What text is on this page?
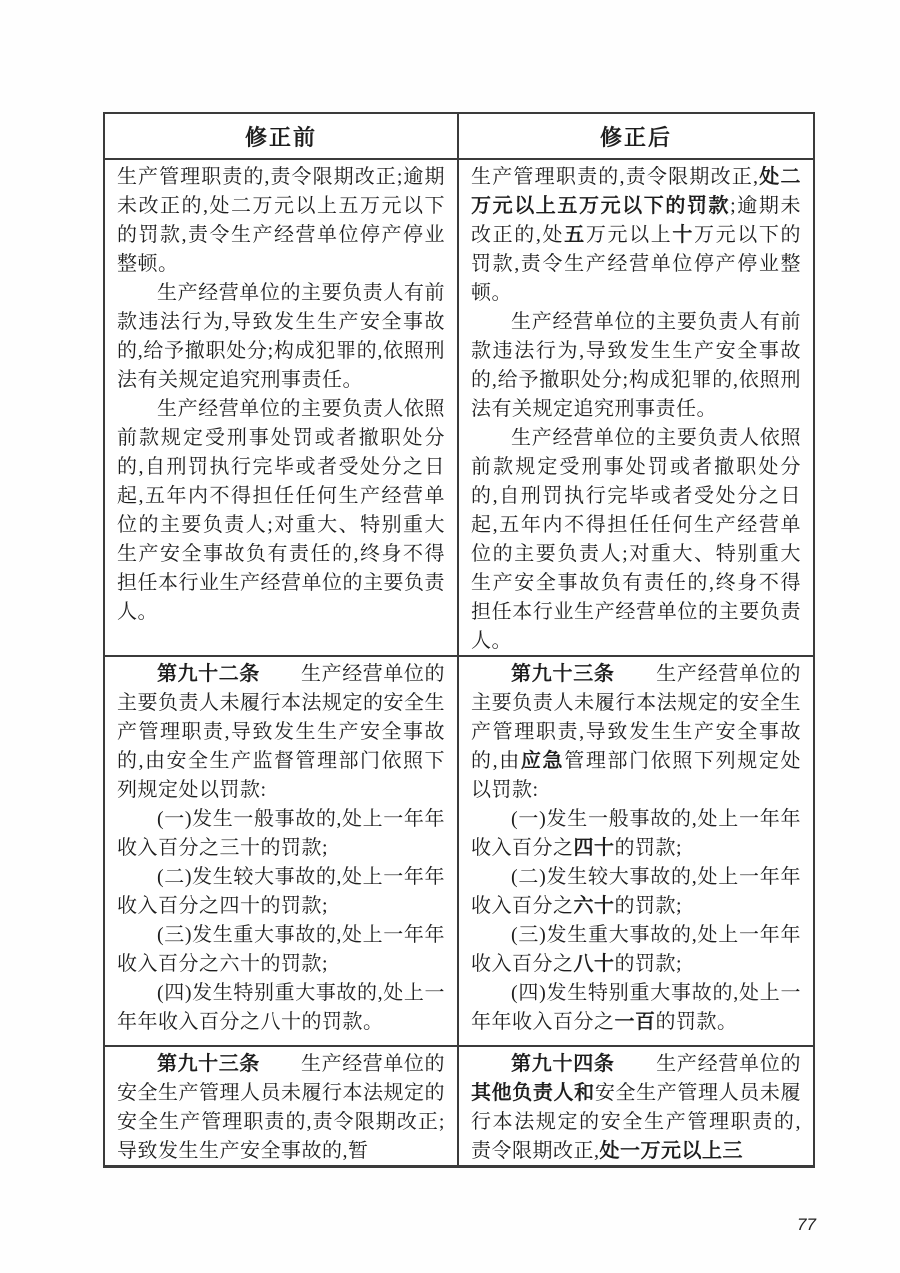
修正前	修正后
生产管理职责的,责令限期改正;逾期未改正的,处二万元以上五万元以下的罚款,责令生产经营单位停产停业整顿。
生产经营单位的主要负责人有前款违法行为,导致发生生产安全事故的,给予撤职处分;构成犯罪的,依照刑法有关规定追究刑事责任。
生产经营单位的主要负责人依照前款规定受刑事处罚或者撤职处分的,自刑罚执行完毕或者受处分之日起,五年内不得担任任何生产经营单位的主要负责人;对重大、特别重大生产安全事故负有责任的,终身不得担任本行业生产经营单位的主要负责人。
生产管理职责的,责令限期改正,处二万元以上五万元以下的罚款;逾期未改正的,处五万元以上十万元以下的罚款,责令生产经营单位停产停业整顿。
生产经营单位的主要负责人有前款违法行为,导致发生生产安全事故的,给予撤职处分;构成犯罪的,依照刑法有关规定追究刑事责任。
生产经营单位的主要负责人依照前款规定受刑事处罚或者撤职处分的,自刑罚执行完毕或者受处分之日起,五年内不得担任任何生产经营单位的主要负责人;对重大、特别重大生产安全事故负有责任的,终身不得担任本行业生产经营单位的主要负责人。
第九十二条　　生产经营单位的主要负责人未履行本法规定的安全生产管理职责,导致发生生产安全事故的,由安全生产监督管理部门依照下列规定处以罚款:
(一)发生一般事故的,处上一年年收入百分之三十的罚款;
(二)发生较大事故的,处上一年年收入百分之四十的罚款;
(三)发生重大事故的,处上一年年收入百分之六十的罚款;
(四)发生特别重大事故的,处上一年年收入百分之八十的罚款。
第九十三条　　生产经营单位的主要负责人未履行本法规定的安全生产管理职责,导致发生生产安全事故的,由应急管理部门依照下列规定处以罚款:
(一)发生一般事故的,处上一年年收入百分之四十的罚款;
(二)发生较大事故的,处上一年年收入百分之六十的罚款;
(三)发生重大事故的,处上一年年收入百分之八十的罚款;
(四)发生特别重大事故的,处上一年年收入百分之一百的罚款。
第九十三条　　生产经营单位的安全生产管理人员未履行本法规定的安全生产管理职责的,责令限期改正;导致发生生产安全事故的,暂
第九十四条　　生产经营单位的其他负责人和安全生产管理人员未履行本法规定的安全生产管理职责的,责令限期改正,处一万元以上三
77
